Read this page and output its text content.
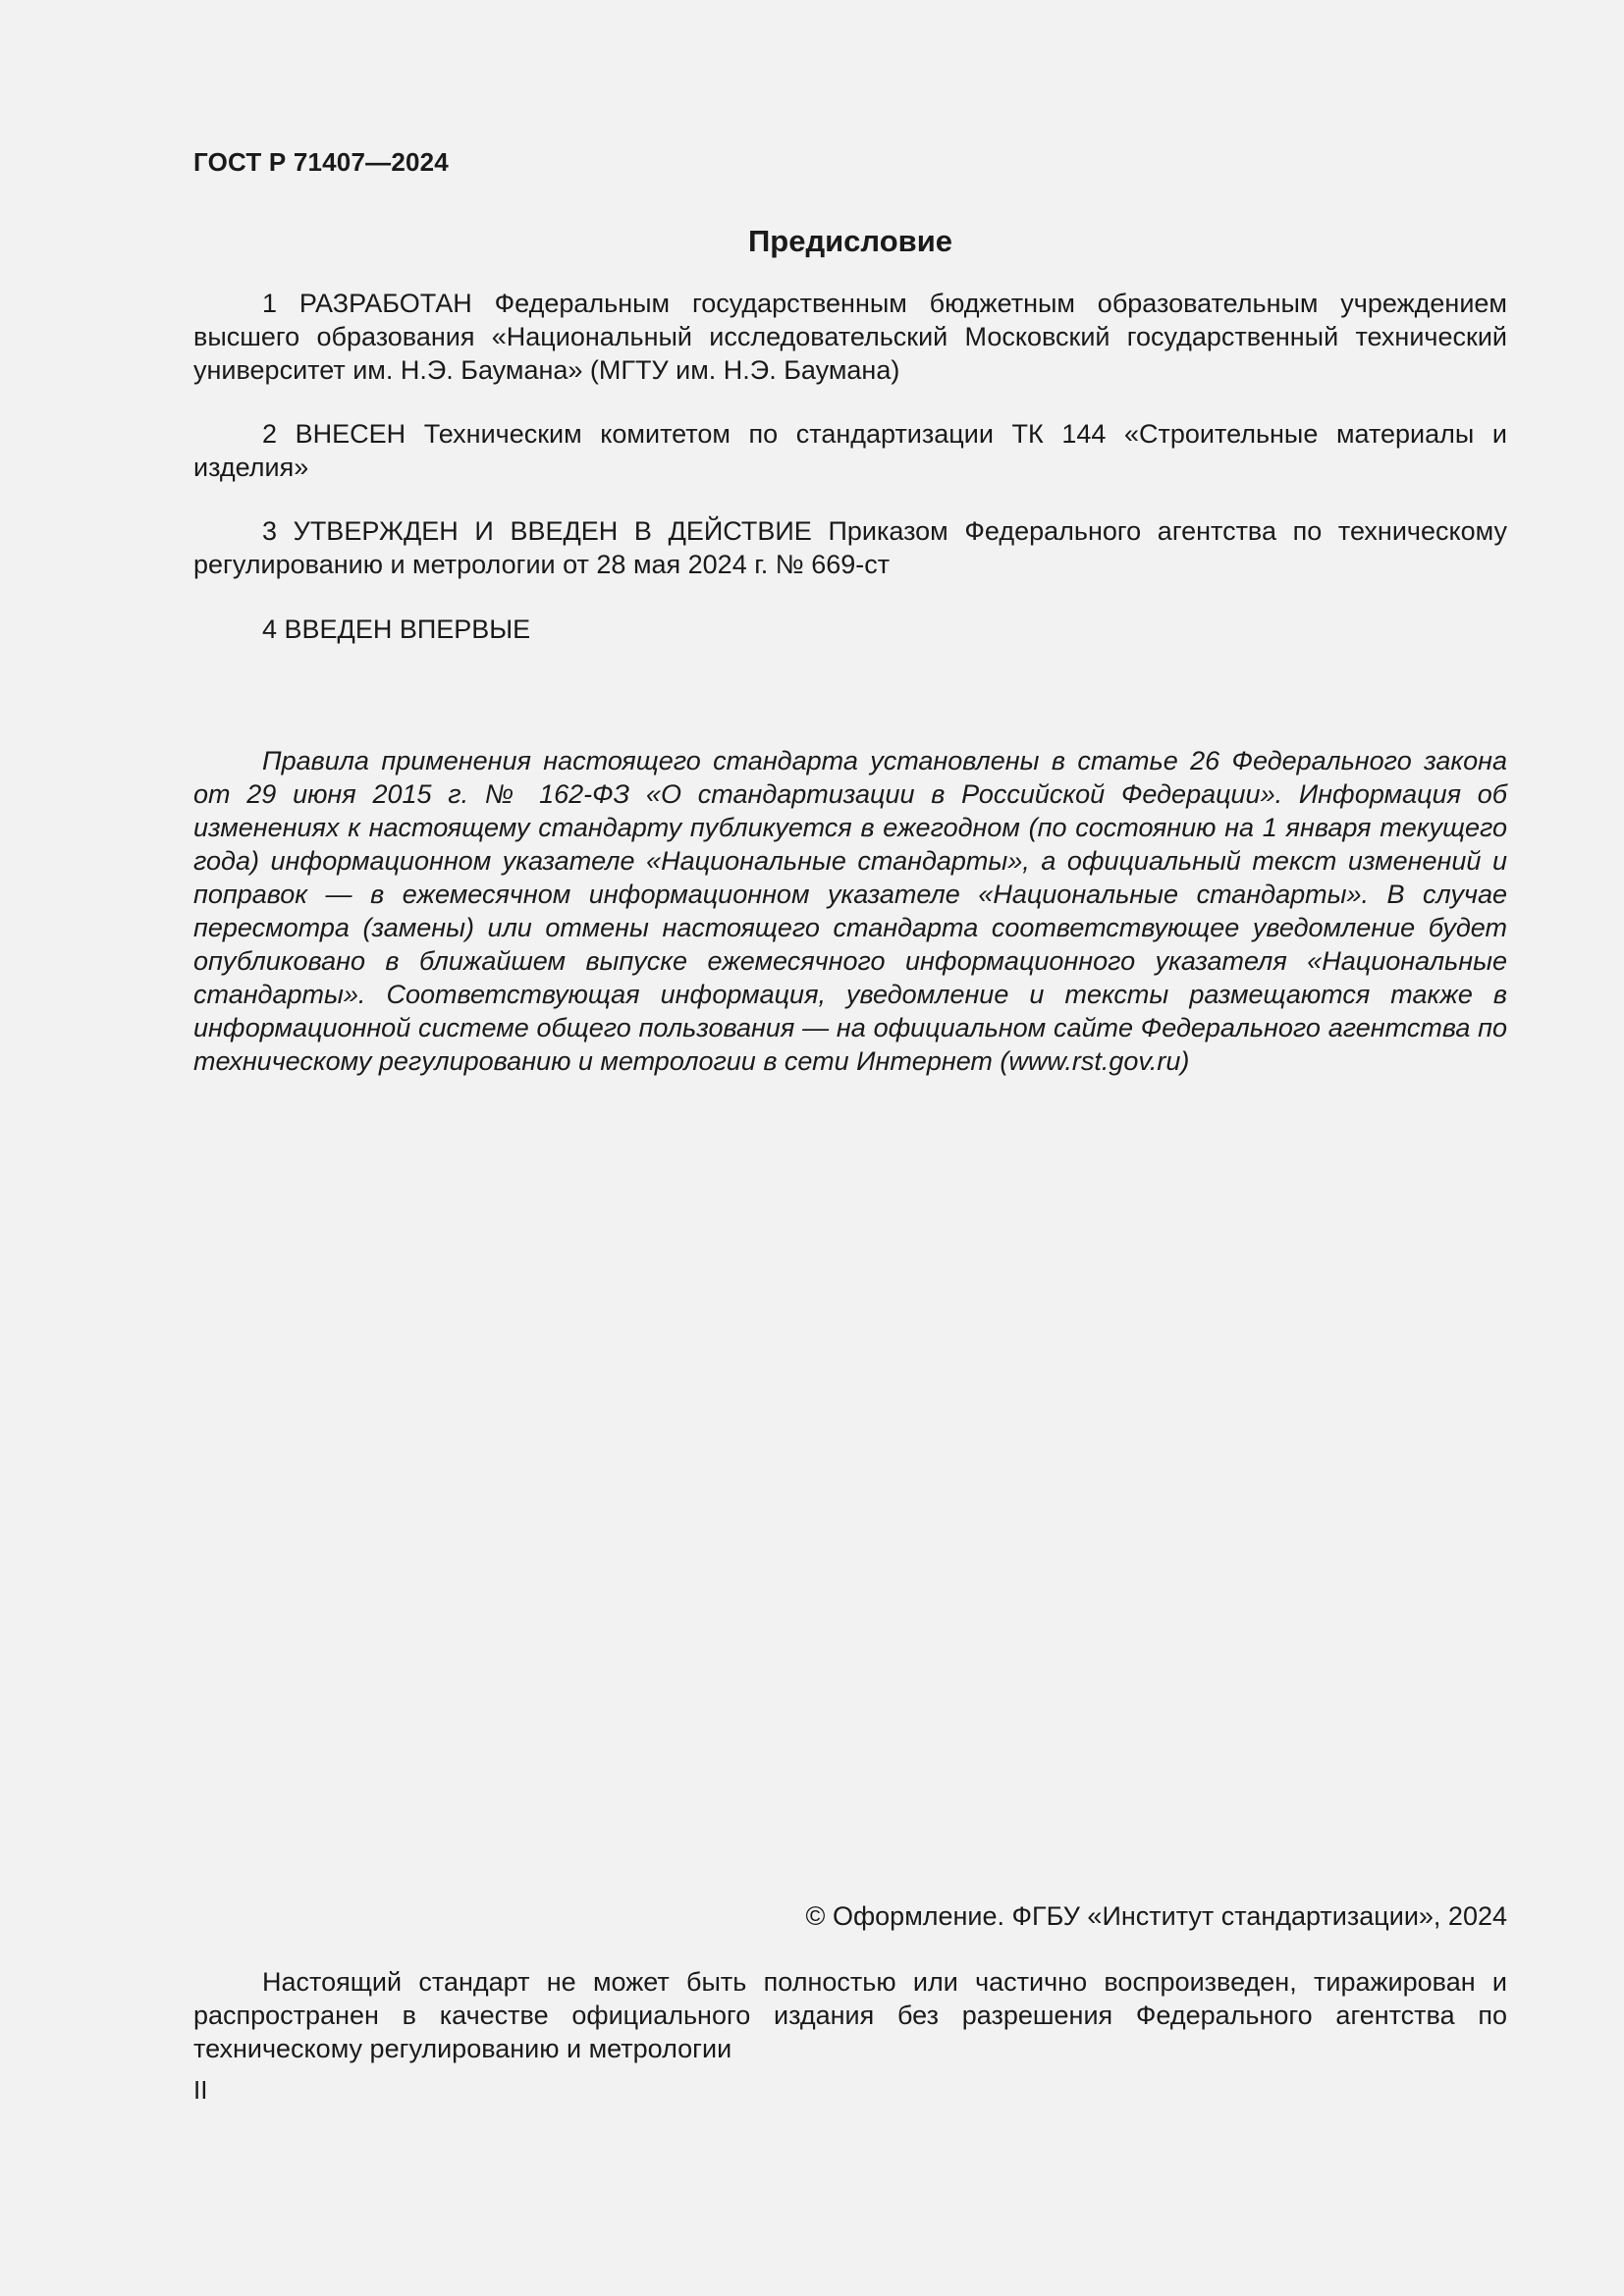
ГОСТ Р 71407—2024
Предисловие

1 РАЗРАБОТАН Федеральным государственным бюджетным образовательным учреждением высшего образования «Национальный исследовательский Московский государственный технический университет им. Н.Э. Баумана» (МГТУ им. Н.Э. Баумана)

2 ВНЕСЕН Техническим комитетом по стандартизации ТК 144 «Строительные материалы и изделия»

3 УТВЕРЖДЕН И ВВЕДЕН В ДЕЙСТВИЕ Приказом Федерального агентства по техническому регулированию и метрологии от 28 мая 2024 г. № 669-ст

4 ВВЕДЕН ВПЕРВЫЕ

Правила применения настоящего стандарта установлены в статье 26 Федерального закона от 29 июня 2015 г. № 162-ФЗ «О стандартизации в Российской Федерации». Информация об изменениях к настоящему стандарту публикуется в ежегодном (по состоянию на 1 января текущего года) информационном указателе «Национальные стандарты», а официальный текст изменений и поправок — в ежемесячном информационном указателе «Национальные стандарты». В случае пересмотра (замены) или отмены настоящего стандарта соответствующее уведомление будет опубликовано в ближайшем выпуске ежемесячного информационного указателя «Национальные стандарты». Соответствующая информация, уведомление и тексты размещаются также в информационной системе общего пользования — на официальном сайте Федерального агентства по техническому регулированию и метрологии в сети Интернет (www.rst.gov.ru)

© Оформление. ФГБУ «Институт стандартизации», 2024

Настоящий стандарт не может быть полностью или частично воспроизведен, тиражирован и распространен в качестве официального издания без разрешения Федерального агентства по техническому регулированию и метрологии

II
